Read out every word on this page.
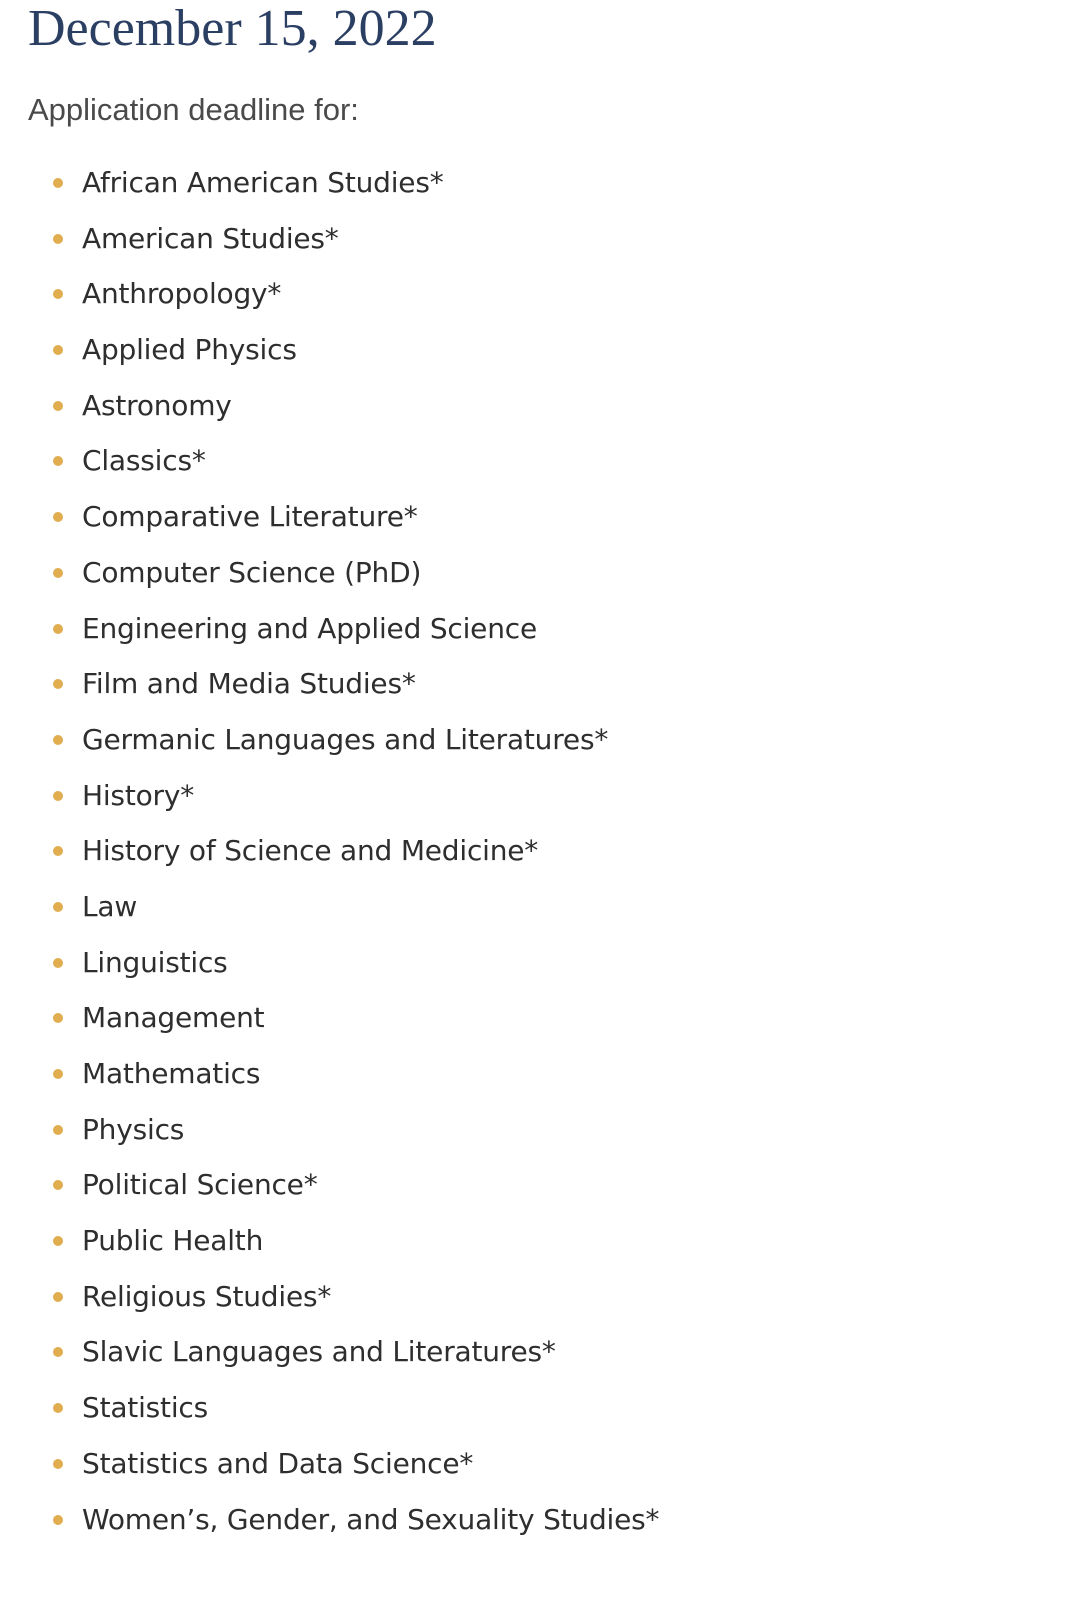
December 15, 2022

Application deadline for:

African American Studies*
American Studies*
Anthropology*
Applied Physics
Astronomy
Classics*
Comparative Literature*
Computer Science (PhD)
Engineering and Applied Science
Film and Media Studies*
Germanic Languages and Literatures*
History*
History of Science and Medicine*
Law
Linguistics
Management
Mathematics
Physics
Political Science*
Public Health
Religious Studies*
Slavic Languages and Literatures*
Statistics
Statistics and Data Science*
Women’s, Gender, and Sexuality Studies*
